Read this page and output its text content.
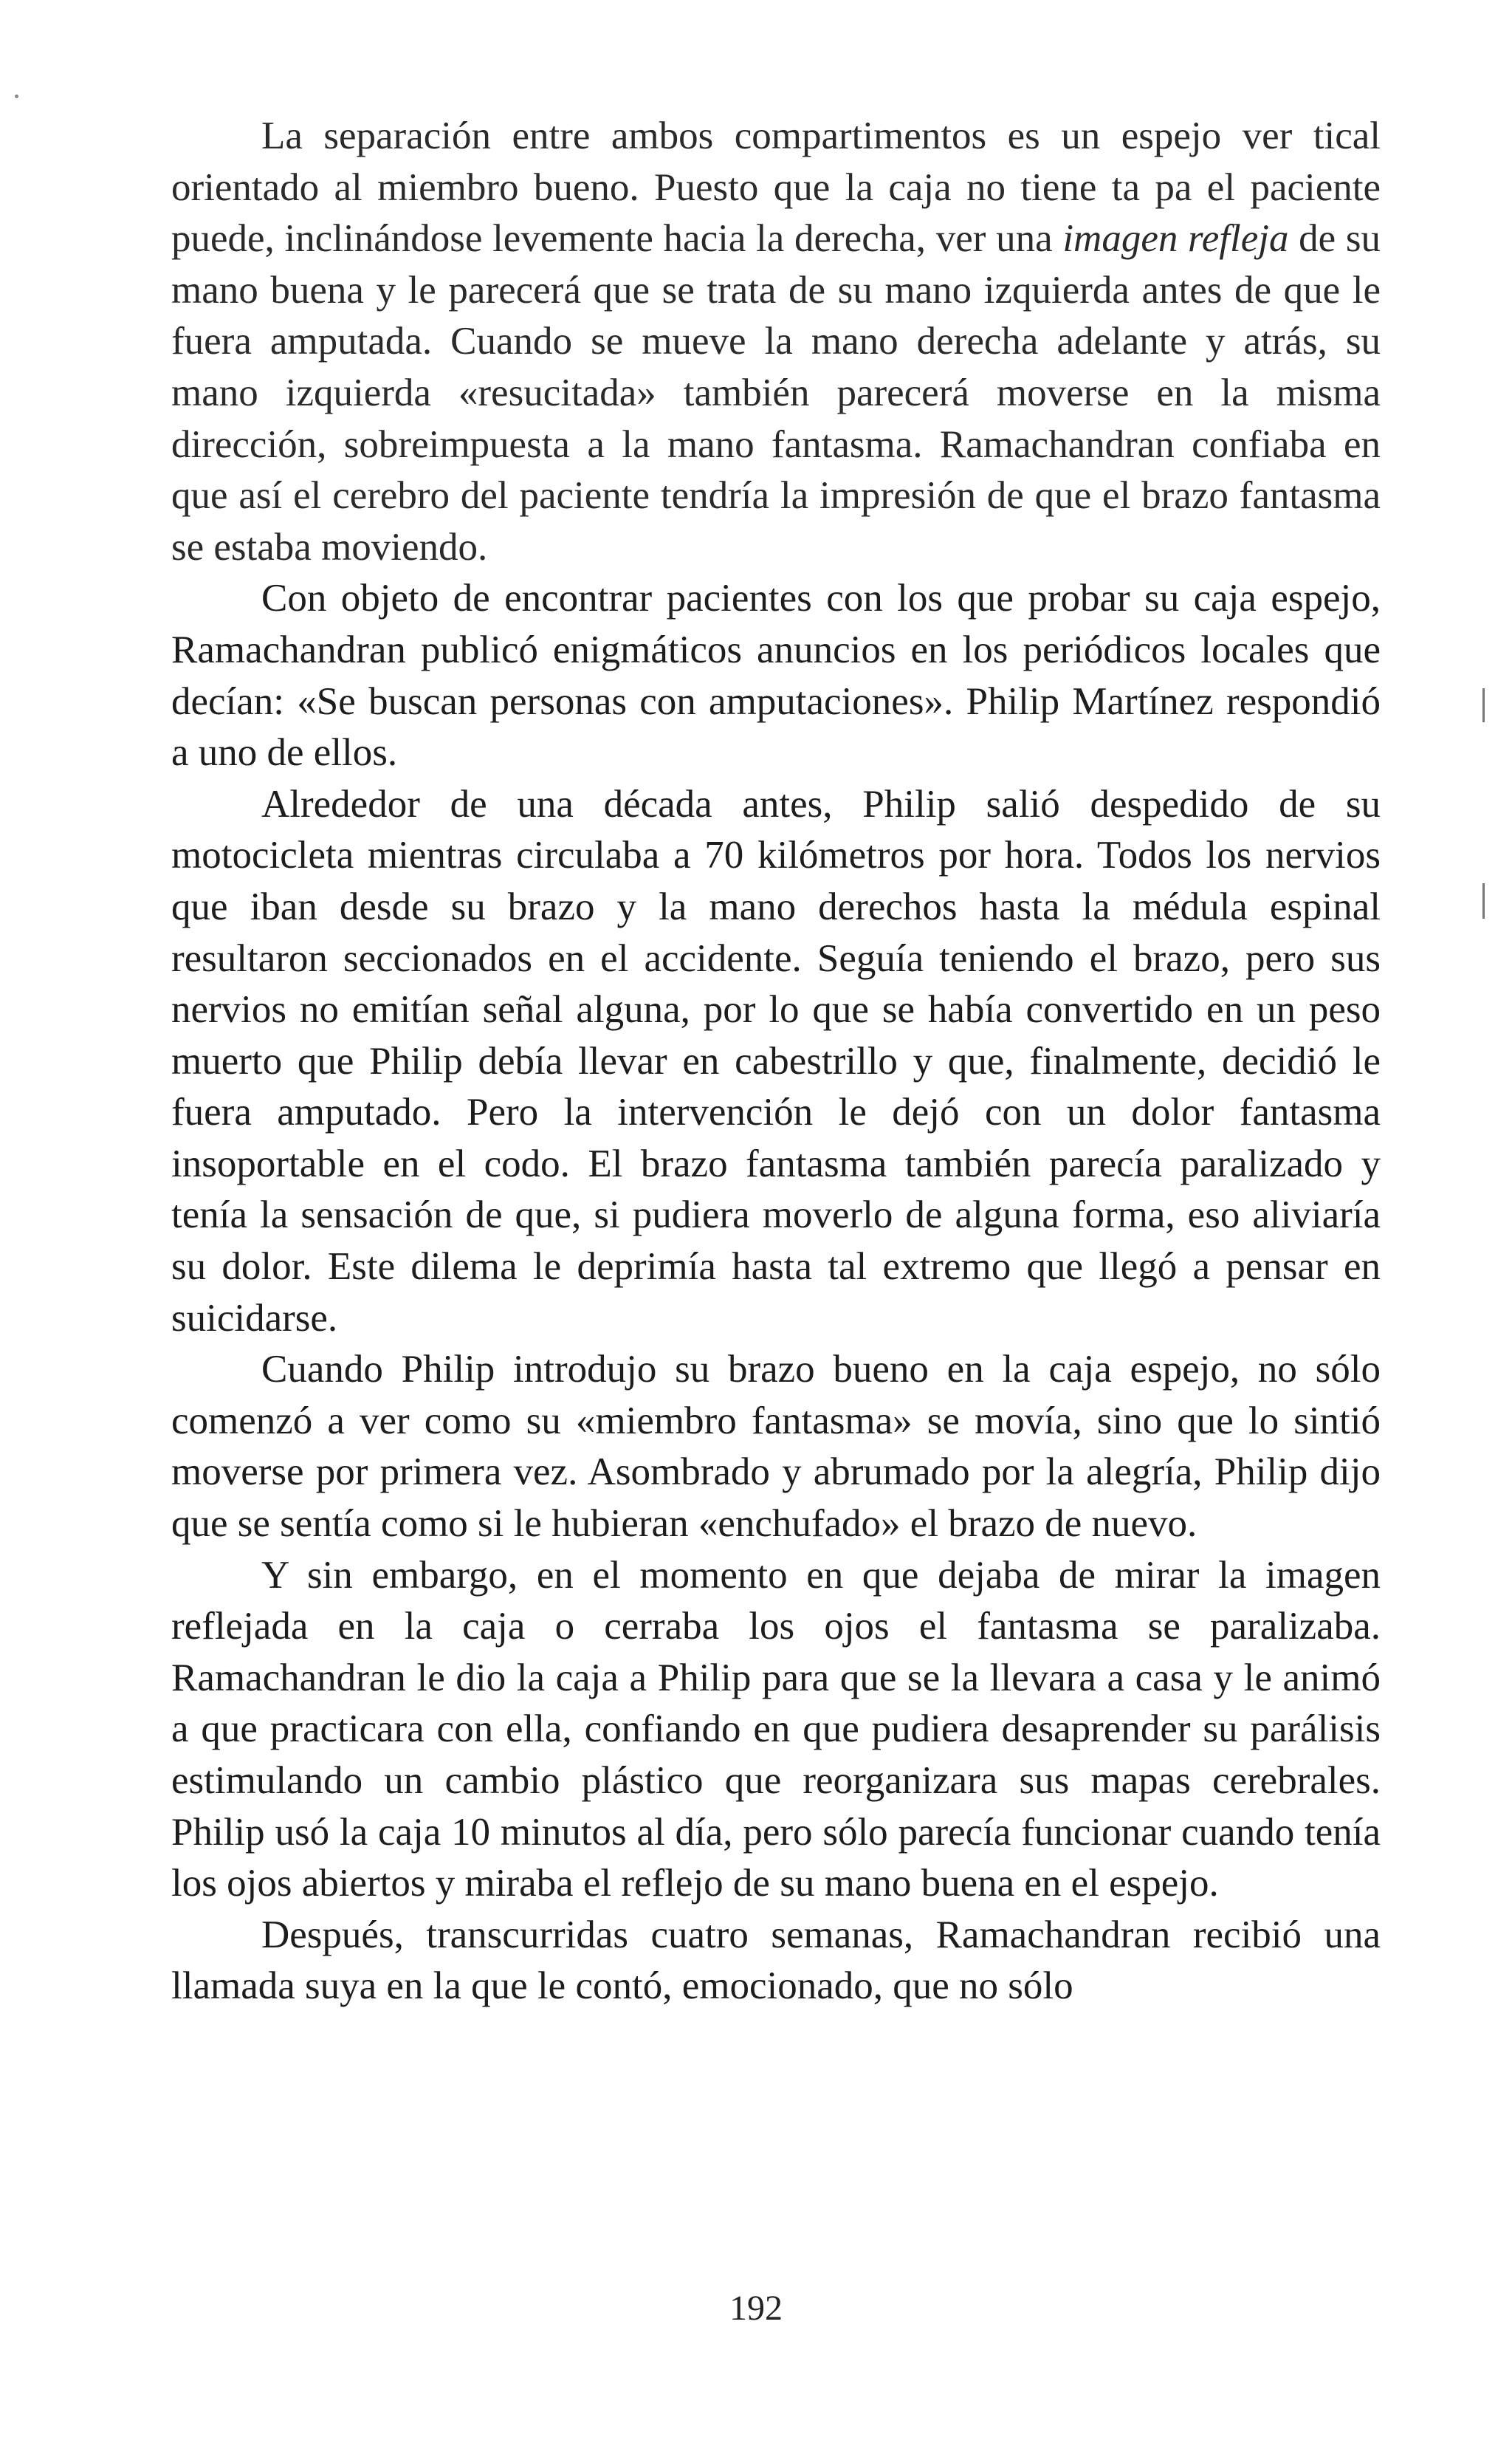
La separación entre ambos compartimentos es un espejo ver tical orientado al miembro bueno. Puesto que la caja no tiene ta pa el paciente puede, inclinándose levemente hacia la derecha, ver una imagen refleja de su mano buena y le parecerá que se trata de su mano izquierda antes de que le fuera amputada. Cuando se mueve la mano derecha adelante y atrás, su mano izquierda «resucitada» también parecerá moverse en la misma dirección, sobreimpuesta a la mano fantasma. Ramachandran confiaba en que así el cerebro del paciente tendría la impresión de que el brazo fantasma se estaba moviendo.

Con objeto de encontrar pacientes con los que probar su caja espejo, Ramachandran publicó enigmáticos anuncios en los periódicos locales que decían: «Se buscan personas con amputaciones». Philip Martínez respondió a uno de ellos.

Alrededor de una década antes, Philip salió despedido de su motocicleta mientras circulaba a 70 kilómetros por hora. Todos los nervios que iban desde su brazo y la mano derechos hasta la médula espinal resultaron seccionados en el accidente. Seguía teniendo el brazo, pero sus nervios no emitían señal alguna, por lo que se había convertido en un peso muerto que Philip debía llevar en cabestrillo y que, finalmente, decidió le fuera amputado. Pero la intervención le dejó con un dolor fantasma insoportable en el codo. El brazo fantasma también parecía paralizado y tenía la sensación de que, si pudiera moverlo de alguna forma, eso aliviaría su dolor. Este dilema le deprimía hasta tal extremo que llegó a pensar en suicidarse.

Cuando Philip introdujo su brazo bueno en la caja espejo, no sólo comenzó a ver como su «miembro fantasma» se movía, sino que lo sintió moverse por primera vez. Asombrado y abrumado por la alegría, Philip dijo que se sentía como si le hubieran «enchufado» el brazo de nuevo.

Y sin embargo, en el momento en que dejaba de mirar la imagen reflejada en la caja o cerraba los ojos el fantasma se paralizaba. Ramachandran le dio la caja a Philip para que se la llevara a casa y le animó a que practicara con ella, confiando en que pudiera desaprender su parálisis estimulando un cambio plástico que reorganizara sus mapas cerebrales. Philip usó la caja 10 minutos al día, pero sólo parecía funcionar cuando tenía los ojos abiertos y miraba el reflejo de su mano buena en el espejo.

Después, transcurridas cuatro semanas, Ramachandran recibió una llamada suya en la que le contó, emocionado, que no sólo

192
